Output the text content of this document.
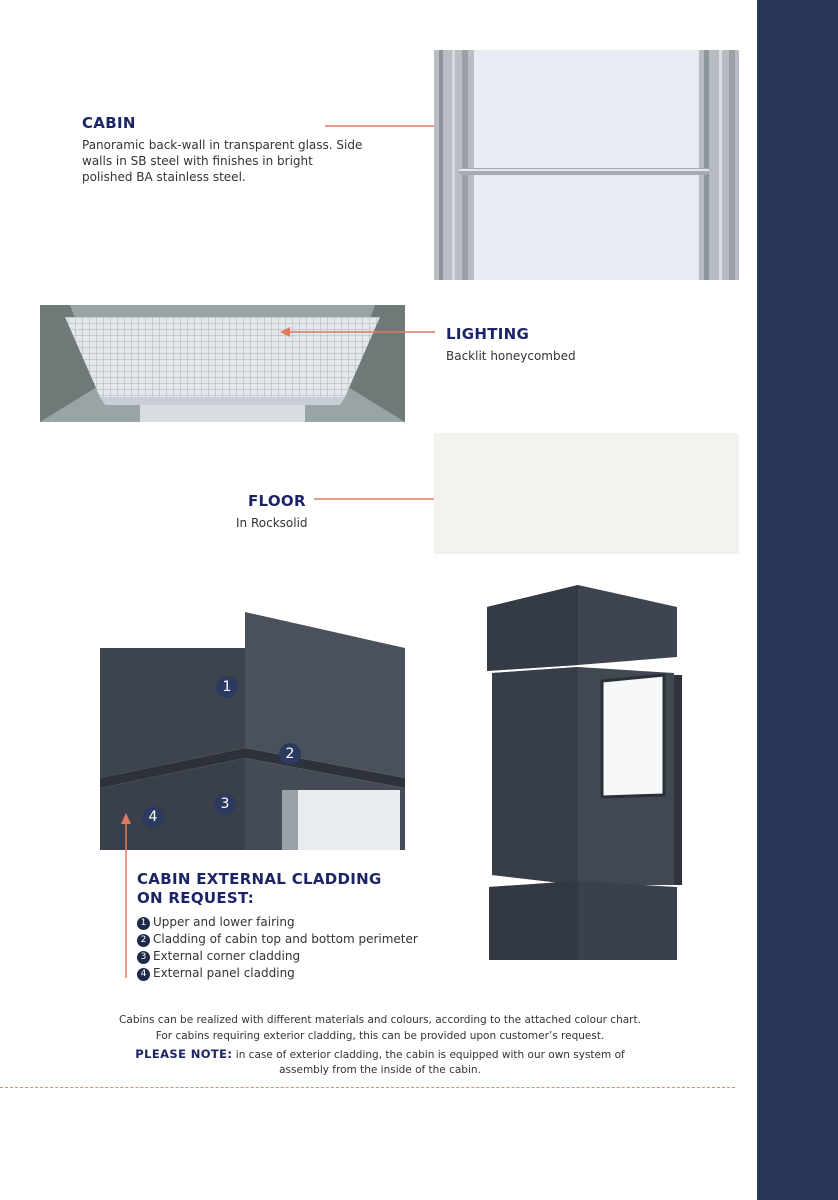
CABIN
Panoramic back-wall in transparent glass. Side walls in SB steel with finishes in bright polished BA stainless steel.
LIGHTING
Backlit honeycombed
FLOOR
In Rocksolid
1
2
3
4
CABIN EXTERNAL CLADDING
ON REQUEST:
1 Upper and lower fairing
2 Cladding of cabin top and bottom perimeter
3 External corner cladding
4 External panel cladding
Cabins can be realized with different materials and colours, according to the attached colour chart.
For cabins requiring exterior cladding, this can be provided upon customer’s request.
PLEASE NOTE: in case of exterior cladding, the cabin is equipped with our own system of
assembly from the inside of the cabin.
